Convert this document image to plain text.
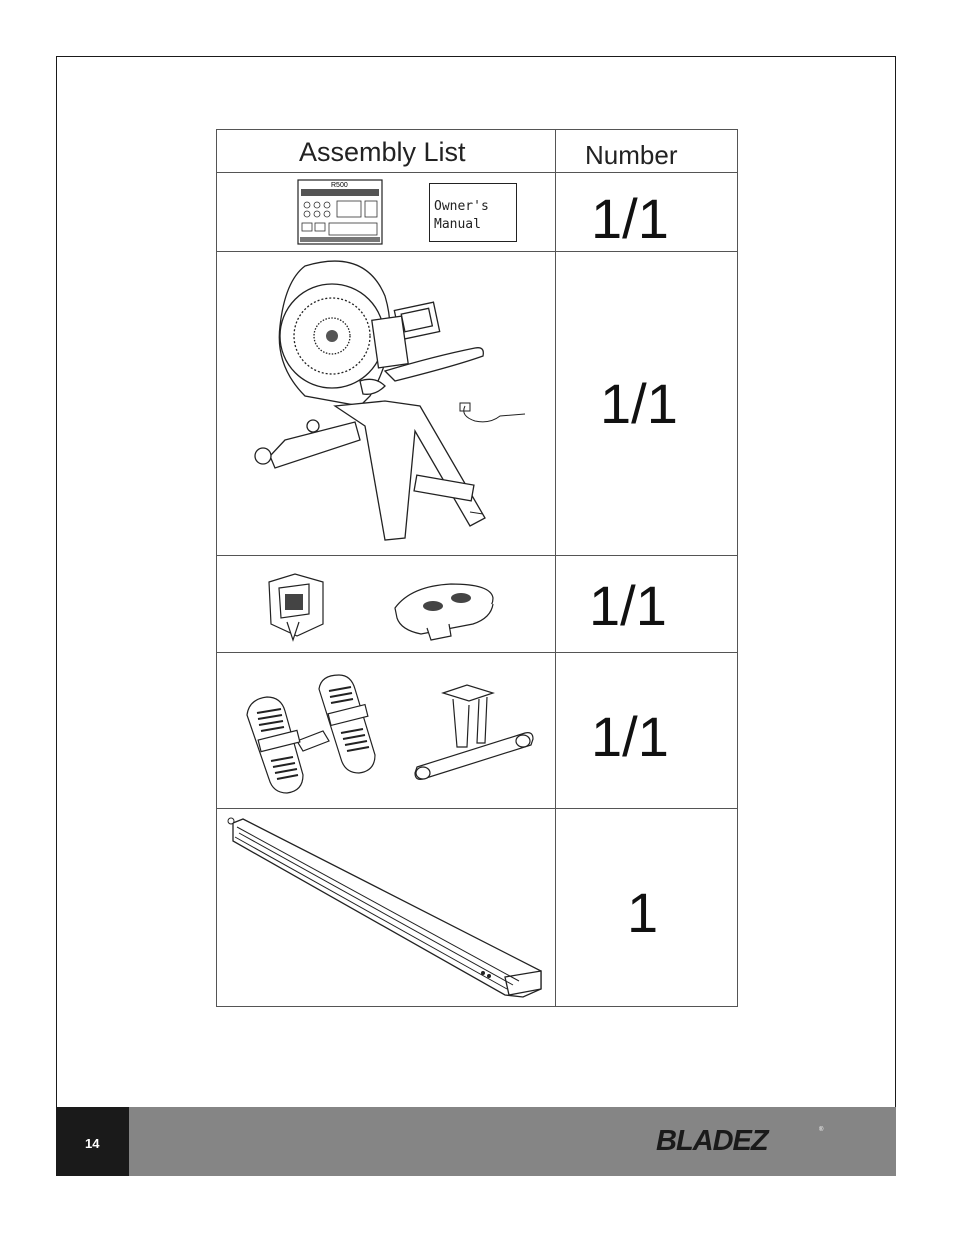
Assembly List	Number
R500
Owner's
Manual 1/1
1/1
1/1
1/1
1
14	BLADEZ	®
